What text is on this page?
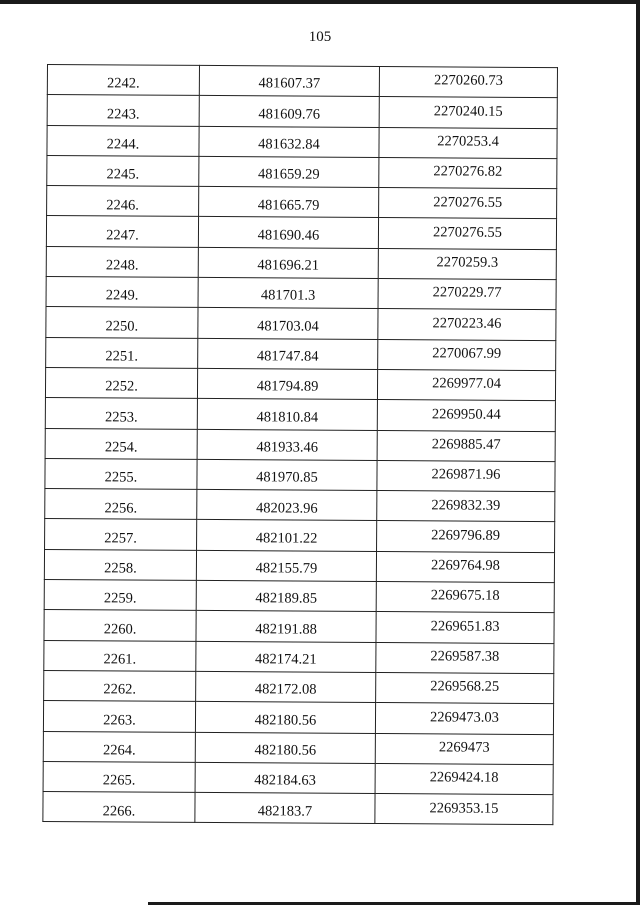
105
2242.	481607.37	2270260.73
2243.	481609.76	2270240.15
2244.	481632.84	2270253.4
2245.	481659.29	2270276.82
2246.	481665.79	2270276.55
2247.	481690.46	2270276.55
2248.	481696.21	2270259.3
2249.	481701.3	2270229.77
2250.	481703.04	2270223.46
2251.	481747.84	2270067.99
2252.	481794.89	2269977.04
2253.	481810.84	2269950.44
2254.	481933.46	2269885.47
2255.	481970.85	2269871.96
2256.	482023.96	2269832.39
2257.	482101.22	2269796.89
2258.	482155.79	2269764.98
2259.	482189.85	2269675.18
2260.	482191.88	2269651.83
2261.	482174.21	2269587.38
2262.	482172.08	2269568.25
2263.	482180.56	2269473.03
2264.	482180.56	2269473
2265.	482184.63	2269424.18
2266.	482183.7	2269353.15
